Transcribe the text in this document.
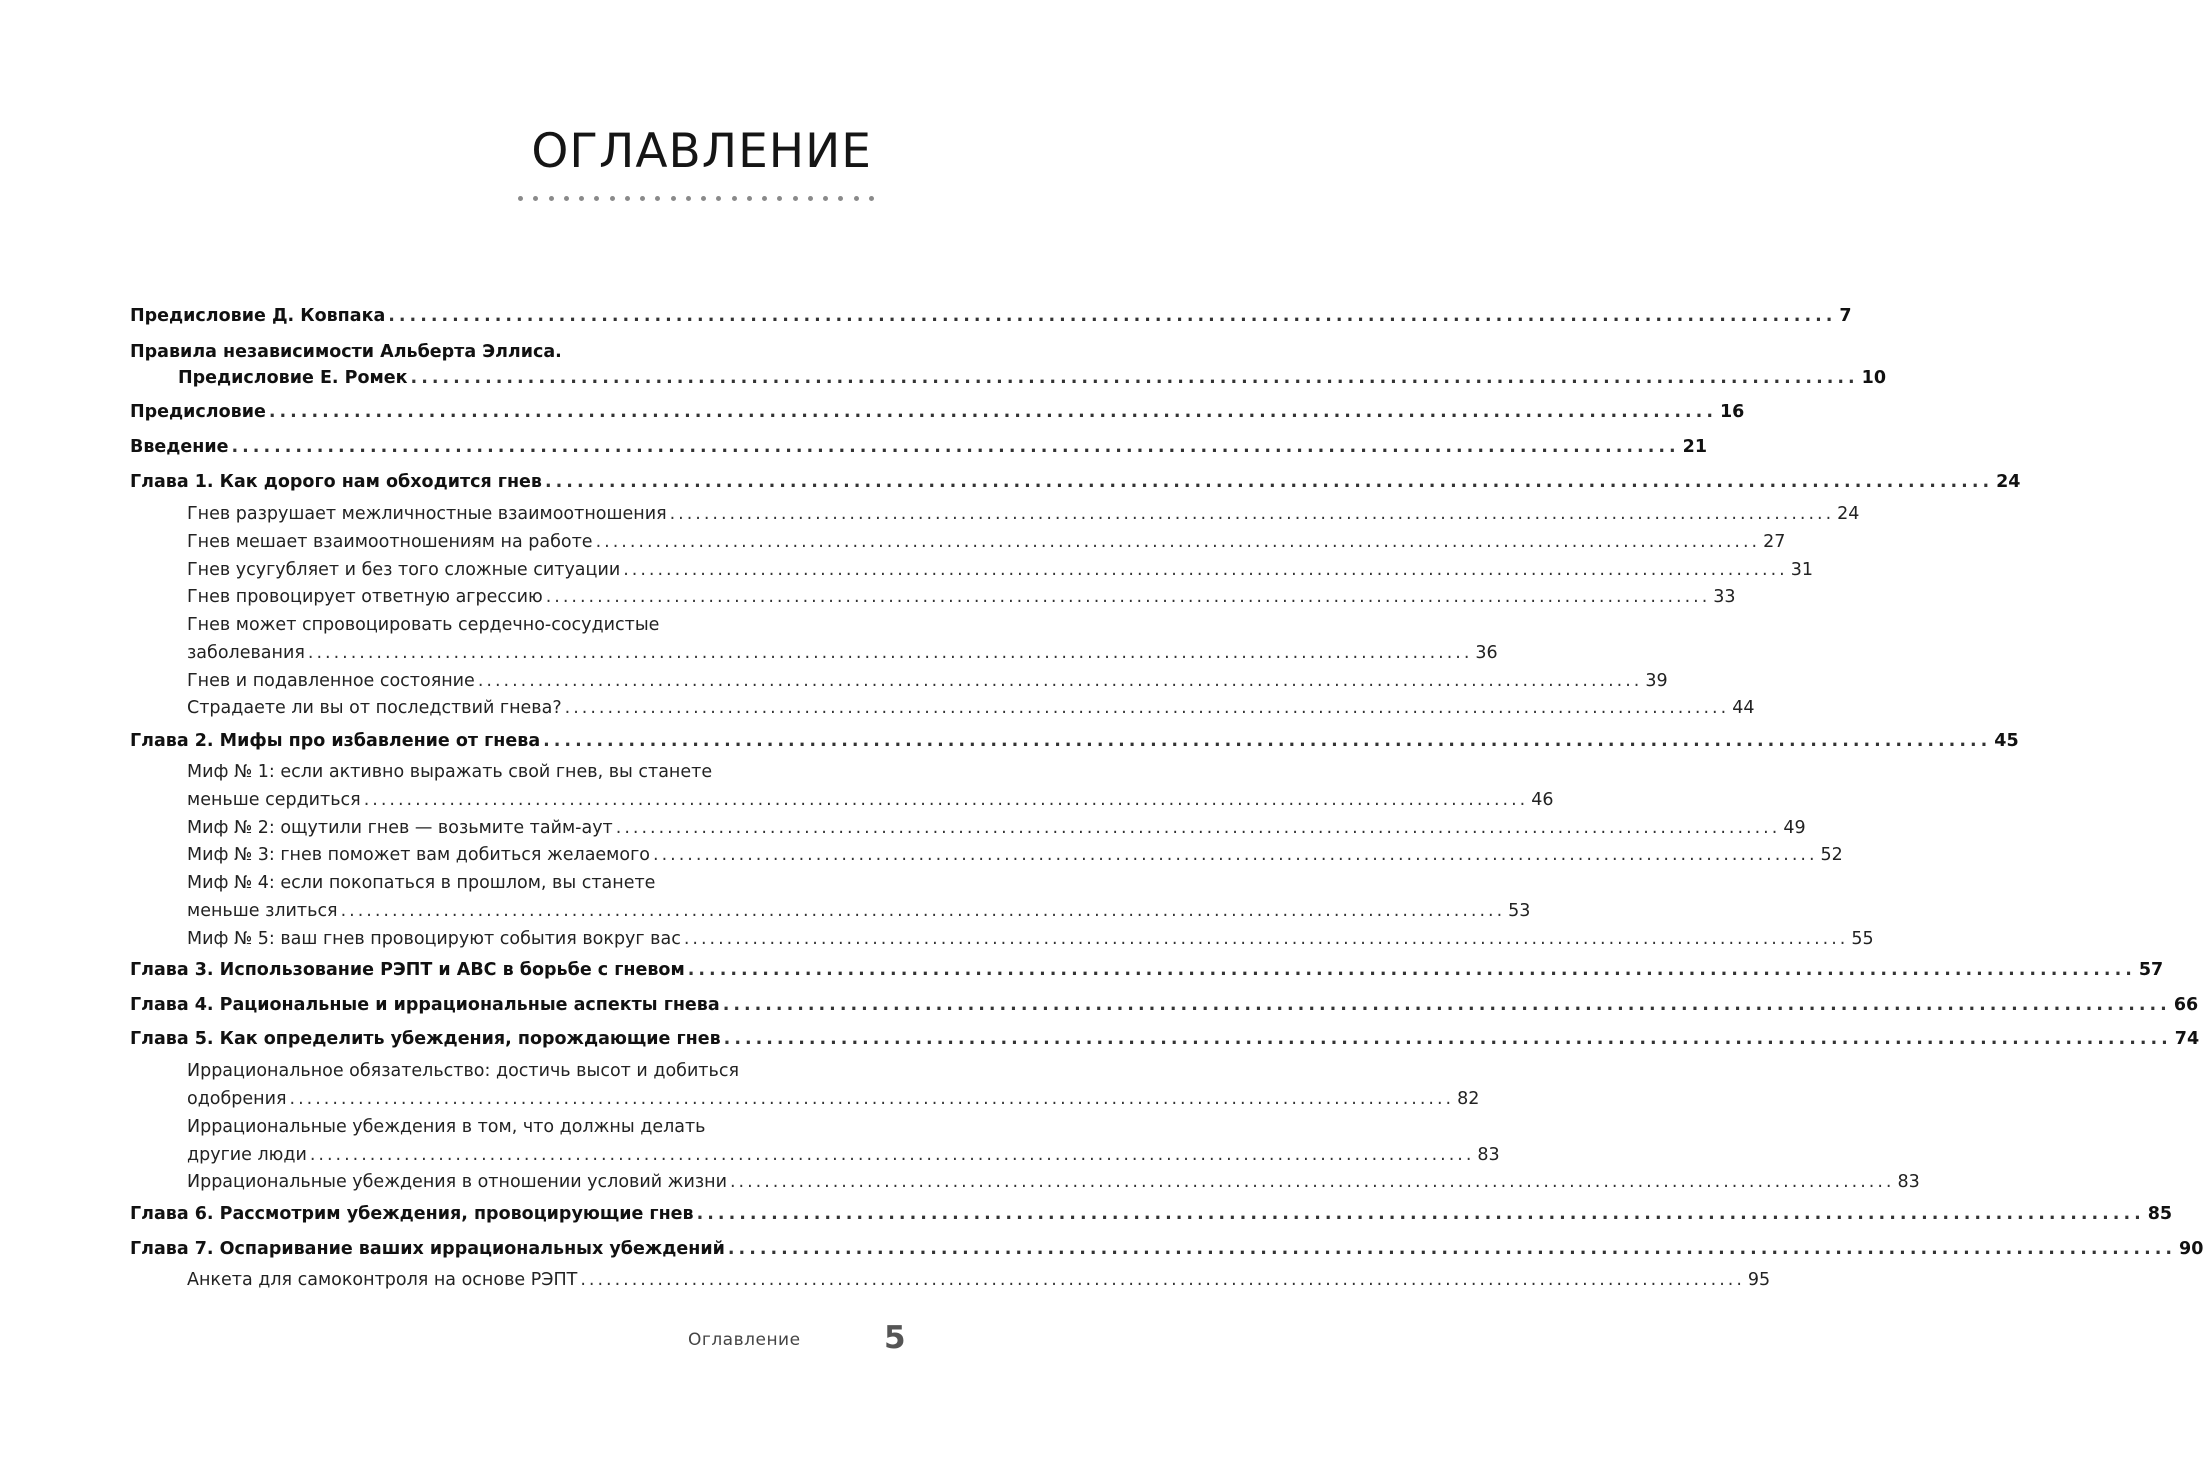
ОГЛАВЛЕНИЕ
Предисловие Д. Ковпака ........................................................................................................................................ 7
Правила независимости Альберта Эллиса.
Предисловие Е. Ромек ........................................................................................................................................ 10
Предисловие ........................................................................................................................................ 16
Введение ........................................................................................................................................ 21
Глава 1. Как дорого нам обходится гнев ........................................................................................................................................ 24
Гнев разрушает межличностные взаимоотношения ........................................................................................................................................ 24
Гнев мешает взаимоотношениям на работе ........................................................................................................................................ 27
Гнев усугубляет и без того сложные ситуации ........................................................................................................................................ 31
Гнев провоцирует ответную агрессию ........................................................................................................................................ 33
Гнев может спровоцировать сердечно-сосудистые
заболевания ........................................................................................................................................ 36
Гнев и подавленное состояние ........................................................................................................................................ 39
Страдаете ли вы от последствий гнева? ........................................................................................................................................ 44
Глава 2. Мифы про избавление от гнева ........................................................................................................................................ 45
Миф № 1: если активно выражать свой гнев, вы станете
меньше сердиться ........................................................................................................................................ 46
Миф № 2: ощутили гнев — возьмите тайм-аут ........................................................................................................................................ 49
Миф № 3: гнев поможет вам добиться желаемого ........................................................................................................................................ 52
Миф № 4: если покопаться в прошлом, вы станете
меньше злиться ........................................................................................................................................ 53
Миф № 5: ваш гнев провоцируют события вокруг вас ........................................................................................................................................ 55
Глава 3. Использование РЭПТ и АВС в борьбе с гневом ........................................................................................................................................ 57
Глава 4. Рациональные и иррациональные аспекты гнева ........................................................................................................................................ 66
Глава 5. Как определить убеждения, порождающие гнев ........................................................................................................................................ 74
Иррациональное обязательство: достичь высот и добиться
одобрения ........................................................................................................................................ 82
Иррациональные убеждения в том, что должны делать
другие люди ........................................................................................................................................ 83
Иррациональные убеждения в отношении условий жизни ........................................................................................................................................ 83
Глава 6. Рассмотрим убеждения, провоцирующие гнев ........................................................................................................................................ 85
Глава 7. Оспаривание ваших иррациональных убеждений ........................................................................................................................................ 90
Анкета для самоконтроля на основе РЭПТ ........................................................................................................................................ 95
Оглавление	5
